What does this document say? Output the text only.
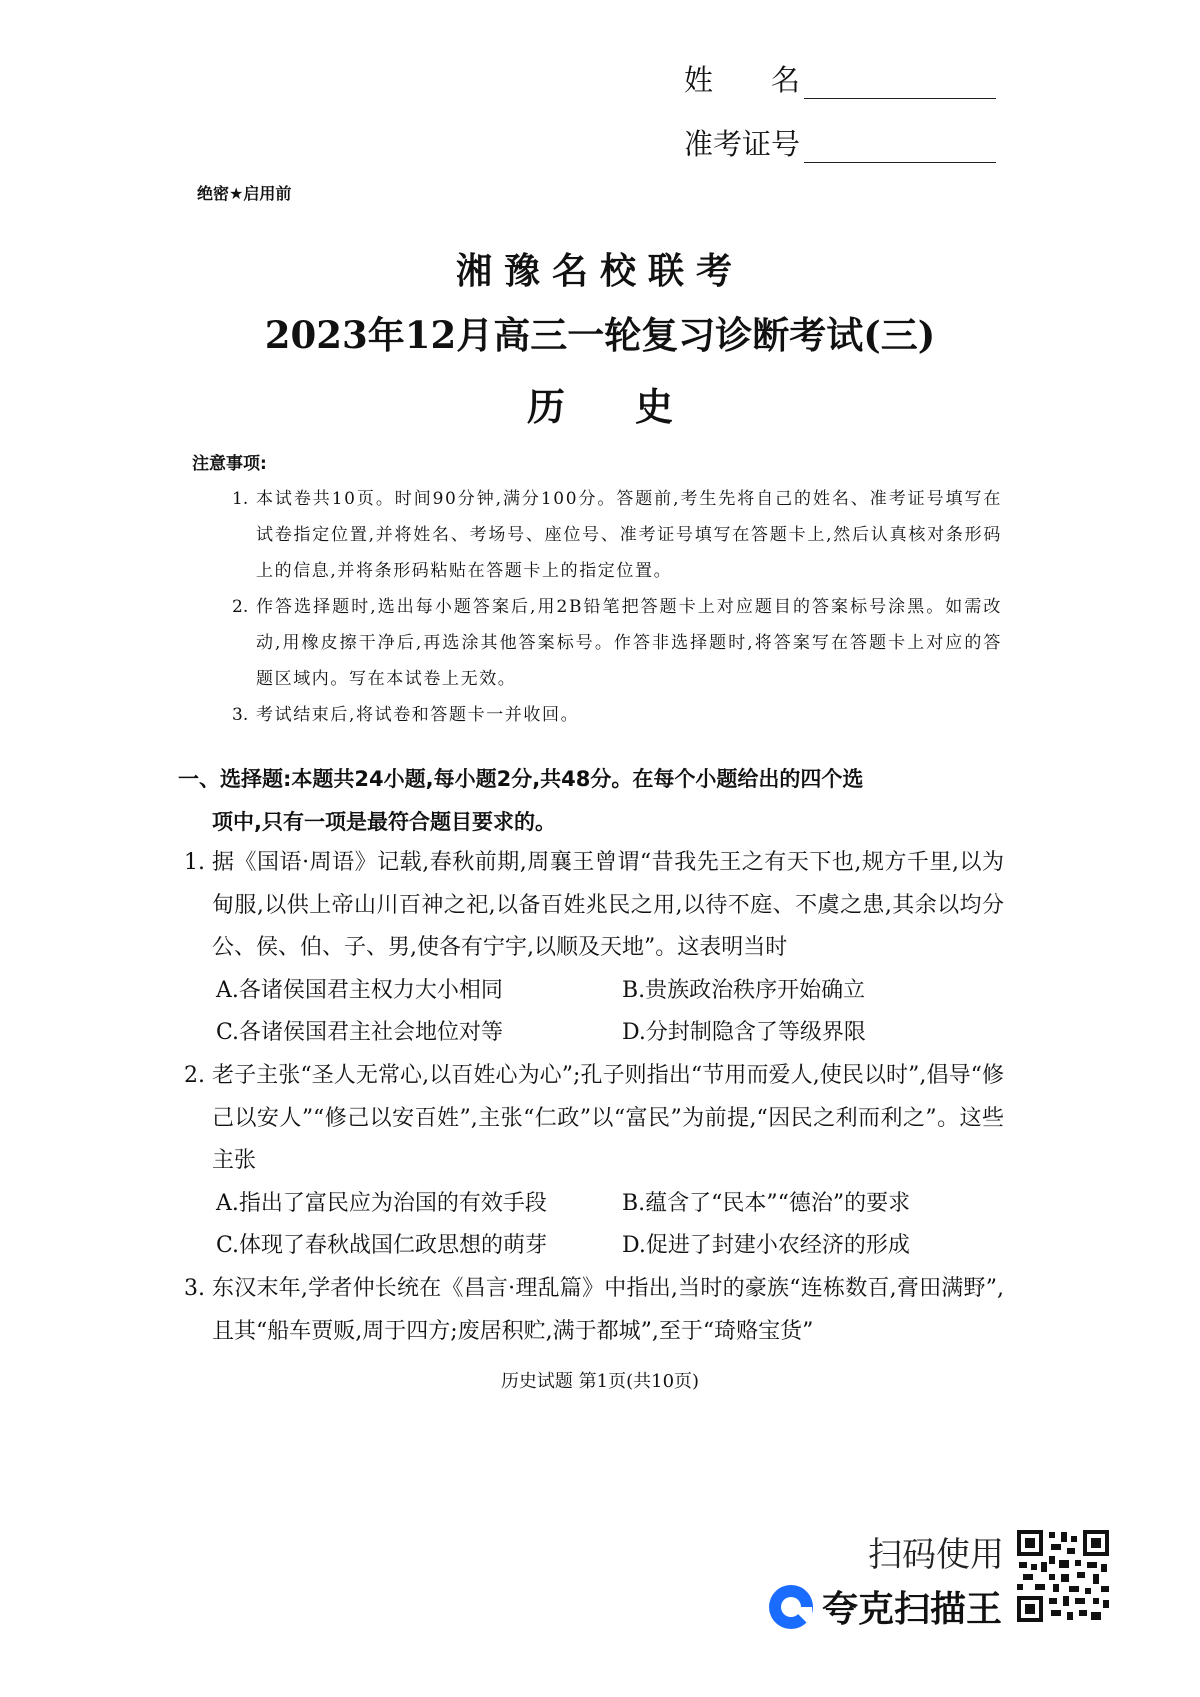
姓　　名
准考证号
绝密★启用前
湘豫名校联考
2023年12月高三一轮复习诊断考试(三)
历史
注意事项:
1. 本试卷共10页。时间90分钟,满分100分。答题前,考生先将自己的姓名、准考证号填写在试卷指定位置,并将姓名、考场号、座位号、准考证号填写在答题卡上,然后认真核对条形码上的信息,并将条形码粘贴在答题卡上的指定位置。
2. 作答选择题时,选出每小题答案后,用2B铅笔把答题卡上对应题目的答案标号涂黑。如需改动,用橡皮擦干净后,再选涂其他答案标号。作答非选择题时,将答案写在答题卡上对应的答题区域内。写在本试卷上无效。
3. 考试结束后,将试卷和答题卡一并收回。
一、选择题:本题共24小题,每小题2分,共48分。在每个小题给出的四个选
项中,只有一项是最符合题目要求的。
1. 据《国语·周语》记载,春秋前期,周襄王曾谓“昔我先王之有天下也,规方千里,以为甸服,以供上帝山川百神之祀,以备百姓兆民之用,以待不庭、不虞之患,其余以均分公、侯、伯、子、男,使各有宁宇,以顺及天地”。这表明当时
A.各诸侯国君主权力大小相同	B.贵族政治秩序开始确立
C.各诸侯国君主社会地位对等	D.分封制隐含了等级界限
2. 老子主张“圣人无常心,以百姓心为心”;孔子则指出“节用而爱人,使民以时”,倡导“修己以安人”“修己以安百姓”,主张“仁政”以“富民”为前提,“因民之利而利之”。这些主张
A.指出了富民应为治国的有效手段	B.蕴含了“民本”“德治”的要求
C.体现了春秋战国仁政思想的萌芽	D.促进了封建小农经济的形成
3. 东汉末年,学者仲长统在《昌言·理乱篇》中指出,当时的豪族“连栋数百,膏田满野”,且其“船车贾贩,周于四方;废居积贮,满于都城”,至于“琦赂宝货”
历史试题 第1页(共10页)
扫码使用
夸克扫描王
